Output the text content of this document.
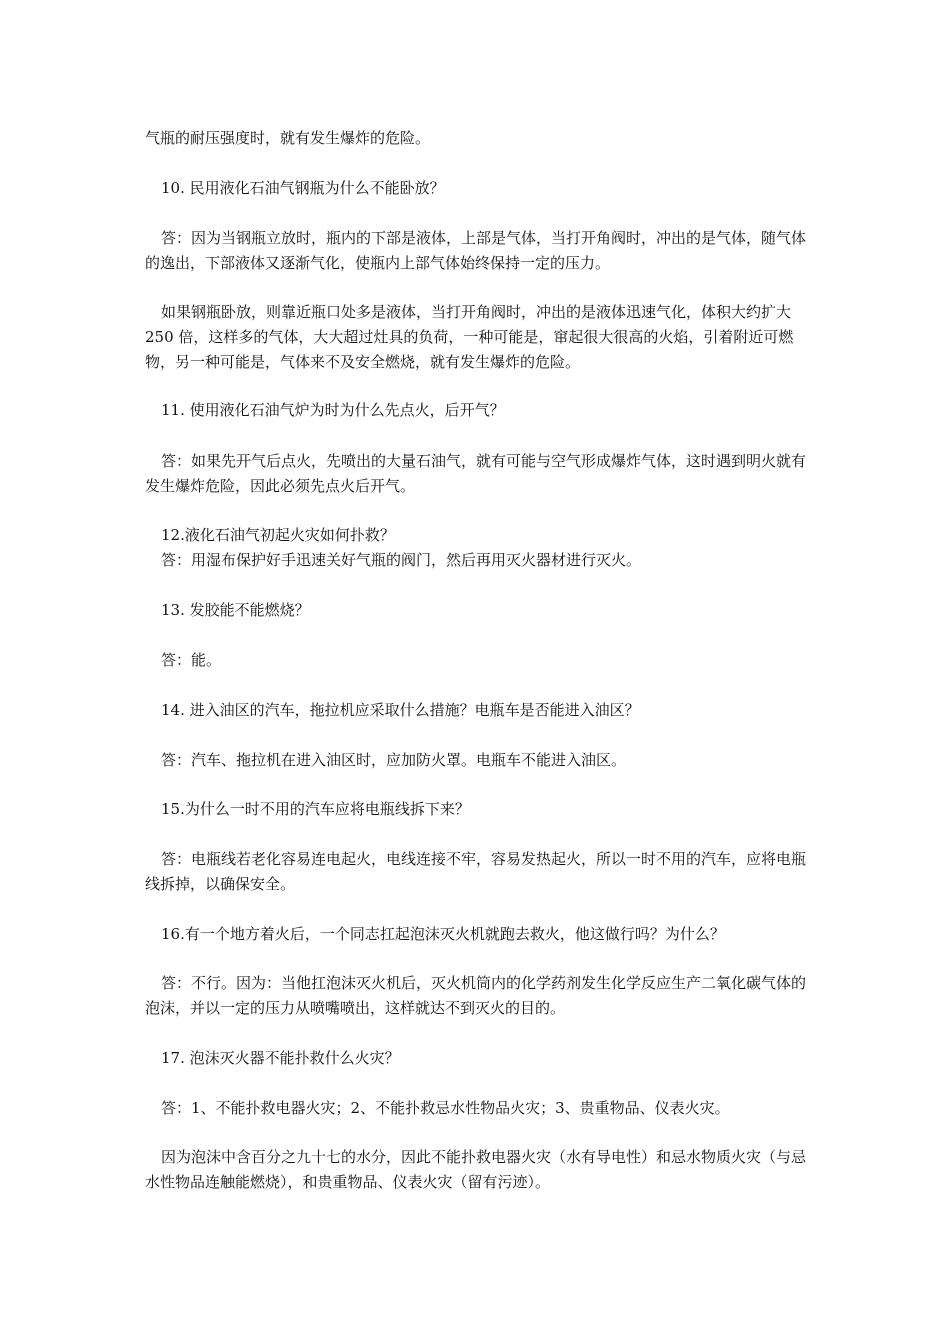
气瓶的耐压强度时，就有发生爆炸的危险。

10. 民用液化石油气钢瓶为什么不能卧放？

答：因为当钢瓶立放时，瓶内的下部是液体，上部是气体，当打开角阀时，冲出的是气体，随气体的逸出，下部液体又逐渐气化，使瓶内上部气体始终保持一定的压力。

如果钢瓶卧放，则靠近瓶口处多是液体，当打开角阀时，冲出的是液体迅速气化，体积大约扩大 250 倍，这样多的气体，大大超过灶具的负荷，一种可能是，窜起很大很高的火焰，引着附近可燃物，另一种可能是，气体来不及安全燃烧，就有发生爆炸的危险。

11. 使用液化石油气炉为时为什么先点火，后开气？

答：如果先开气后点火，先喷出的大量石油气，就有可能与空气形成爆炸气体，这时遇到明火就有发生爆炸危险，因此必须先点火后开气。

12.液化石油气初起火灾如何扑救？

答：用湿布保护好手迅速关好气瓶的阀门，然后再用灭火器材进行灭火。

13. 发胶能不能燃烧？

答：能。

14. 进入油区的汽车，拖拉机应采取什么措施？电瓶车是否能进入油区？

答：汽车、拖拉机在进入油区时，应加防火罩。电瓶车不能进入油区。

15.为什么一时不用的汽车应将电瓶线拆下来？

答：电瓶线若老化容易连电起火，电线连接不牢，容易发热起火，所以一时不用的汽车，应将电瓶线拆掉，以确保安全。

16.有一个地方着火后，一个同志扛起泡沫灭火机就跑去救火，他这做行吗？为什么？

答：不行。因为：当他扛泡沫灭火机后，灭火机筒内的化学药剂发生化学反应生产二氧化碳气体的泡沫，并以一定的压力从喷嘴喷出，这样就达不到灭火的目的。

17. 泡沫灭火器不能扑救什么火灾？

答：1、不能扑救电器火灾；2、不能扑救忌水性物品火灾；3、贵重物品、仪表火灾。

因为泡沫中含百分之九十七的水分，因此不能扑救电器火灾（水有导电性）和忌水物质火灾（与忌水性物品连触能燃烧），和贵重物品、仪表火灾（留有污迹）。
